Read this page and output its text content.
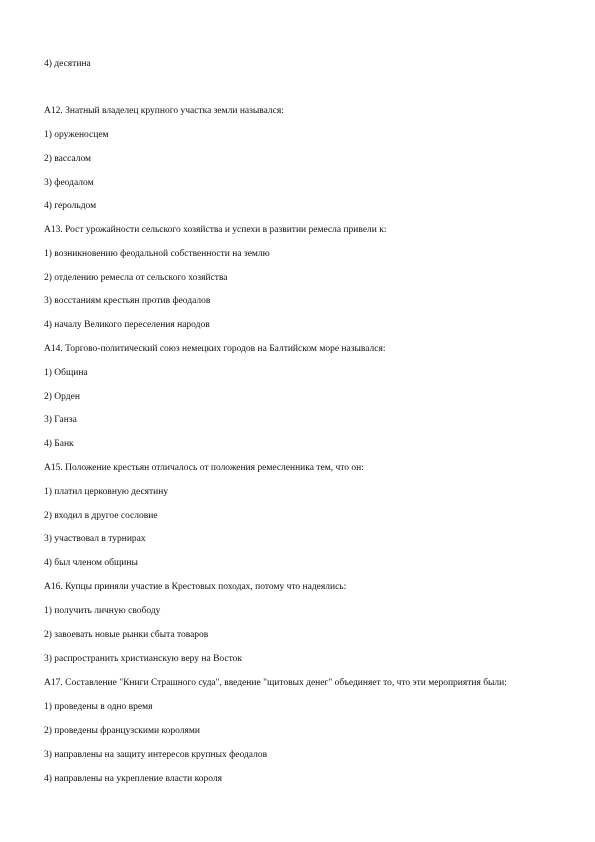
4) десятина
А12. Знатный владелец крупного участка земли назывался:
1) оруженосцем
2) вассалом
3) феодалом
4) герольдом
А13. Рост урожайности сельского хозяйства и успехи в развитии ремесла привели к:
1) возникновению феодальной собственности на землю
2) отделению ремесла от сельского хозяйства
3) восстаниям крестьян против феодалов
4) началу Великого переселения народов
А14. Торгово-политический союз немецких городов на Балтийском море назывался:
1) Община
2) Орден
3) Ганза
4) Банк
А15. Положение крестьян отличалось от положения ремесленника тем, что он:
1) платил церковную десятину
2) входил в другое сословие
3) участвовал в турнирах
4) был членом общины
А16. Купцы приняли участие в Крестовых походах, потому что надеялись:
1) получить личную свободу
2) завоевать новые рынки сбыта товаров
3) распространить христианскую веру на Восток
А17. Составление "Книги Страшного суда", введение "щитовых денег" объединяет то, что эти мероприятия были:
1) проведены в одно время
2) проведены французскими королями
3) направлены на защиту интересов крупных феодалов
4) направлены на укрепление власти короля
